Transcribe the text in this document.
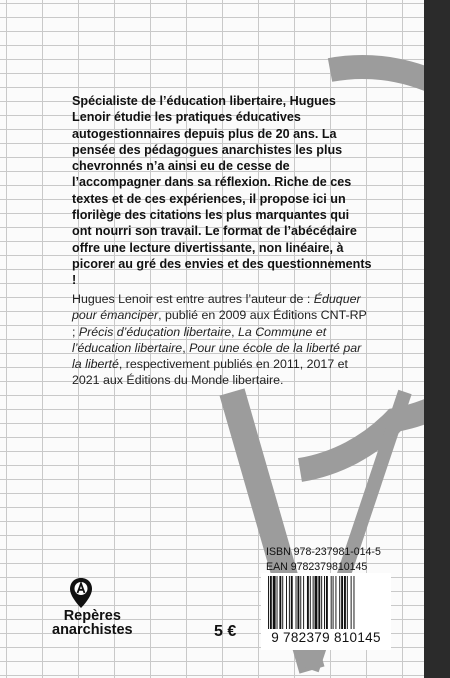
Spécialiste de l’éducation libertaire, Hugues Lenoir étudie les pratiques éducatives autogestionnaires depuis plus de 20 ans. La pensée des pédagogues anarchistes les plus chevronnés n’a ainsi eu de cesse de l’accompagner dans sa réflexion. Riche de ces textes et de ces expériences, il propose ici un florilège des citations les plus marquantes qui ont nourri son travail. Le format de l’abécédaire offre une lecture divertissante, non linéaire, à picorer au gré des envies et des questionnements !

Hugues Lenoir est entre autres l’auteur de : Éduquer pour émanciper, publié en 2009 aux Éditions CNT-RP ; Précis d’éducation libertaire, La Commune et l’éducation libertaire, Pour une école de la liberté par la liberté, respectivement publiés en 2011, 2017 et 2021 aux Éditions du Monde libertaire.

ISBN 978-237981-014-5
EAN 9782379810145
9 782379 810145
5 €
Repères
anarchistes
